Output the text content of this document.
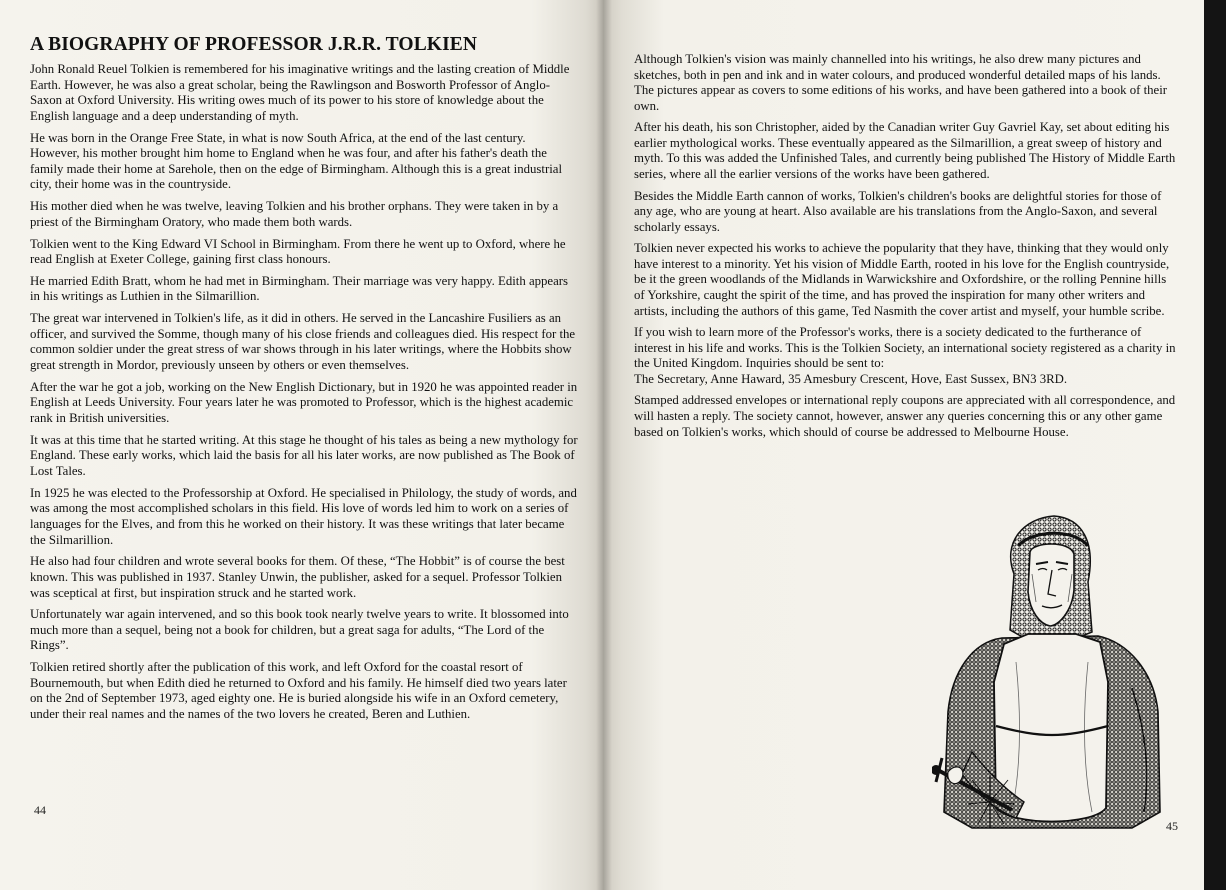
A BIOGRAPHY OF PROFESSOR J.R.R. TOLKIEN

John Ronald Reuel Tolkien is remembered for his imaginative writings and the lasting creation of Middle Earth. However, he was also a great scholar, being the Rawlingson and Bosworth Professor of Anglo-Saxon at Oxford University. His writing owes much of its power to his store of knowledge about the English language and a deep understanding of myth.

He was born in the Orange Free State, in what is now South Africa, at the end of the last century. However, his mother brought him home to England when he was four, and after his father's death the family made their home at Sarehole, then on the edge of Birmingham. Although this is a great industrial city, their home was in the countryside.

His mother died when he was twelve, leaving Tolkien and his brother orphans. They were taken in by a priest of the Birmingham Oratory, who made them both wards.

Tolkien went to the King Edward VI School in Birmingham. From there he went up to Oxford, where he read English at Exeter College, gaining first class honours.

He married Edith Bratt, whom he had met in Birmingham. Their marriage was very happy. Edith appears in his writings as Luthien in the Silmarillion.

The great war intervened in Tolkien's life, as it did in others. He served in the Lancashire Fusiliers as an officer, and survived the Somme, though many of his close friends and colleagues died. His respect for the common soldier under the great stress of war shows through in his later writings, where the Hobbits show great strength in Mordor, previously unseen by others or even themselves.

After the war he got a job, working on the New English Dictionary, but in 1920 he was appointed reader in English at Leeds University. Four years later he was promoted to Professor, which is the highest academic rank in British universities.

It was at this time that he started writing. At this stage he thought of his tales as being a new mythology for England. These early works, which laid the basis for all his later works, are now published as The Book of Lost Tales.

In 1925 he was elected to the Professorship at Oxford. He specialised in Philology, the study of words, and was among the most accomplished scholars in this field. His love of words led him to work on a series of languages for the Elves, and from this he worked on their history. It was these writings that later became the Silmarillion.

He also had four children and wrote several books for them. Of these, “The Hobbit” is of course the best known. This was published in 1937. Stanley Unwin, the publisher, asked for a sequel. Professor Tolkien was sceptical at first, but inspiration struck and he started work.

Unfortunately war again intervened, and so this book took nearly twelve years to write. It blossomed into much more than a sequel, being not a book for children, but a great saga for adults, “The Lord of the Rings”.

Tolkien retired shortly after the publication of this work, and left Oxford for the coastal resort of Bournemouth, but when Edith died he returned to Oxford and his family. He himself died two years later on the 2nd of September 1973, aged eighty one. He is buried alongside his wife in an Oxford cemetery, under their real names and the names of the two lovers he created, Beren and Luthien.

44

Although Tolkien's vision was mainly channelled into his writings, he also drew many pictures and sketches, both in pen and ink and in water colours, and produced wonderful detailed maps of his lands. The pictures appear as covers to some editions of his works, and have been gathered into a book of their own.

After his death, his son Christopher, aided by the Canadian writer Guy Gavriel Kay, set about editing his earlier mythological works. These eventually appeared as the Silmarillion, a great sweep of history and myth. To this was added the Unfinished Tales, and currently being published The History of Middle Earth series, where all the earlier versions of the works have been gathered.

Besides the Middle Earth cannon of works, Tolkien's children's books are delightful stories for those of any age, who are young at heart. Also available are his translations from the Anglo-Saxon, and several scholarly essays.

Tolkien never expected his works to achieve the popularity that they have, thinking that they would only have interest to a minority. Yet his vision of Middle Earth, rooted in his love for the English countryside, be it the green woodlands of the Midlands in Warwickshire and Oxfordshire, or the rolling Pennine hills of Yorkshire, caught the spirit of the time, and has proved the inspiration for many other writers and artists, including the authors of this game, Ted Nasmith the cover artist and myself, your humble scribe.

If you wish to learn more of the Professor's works, there is a society dedicated to the furtherance of interest in his life and works. This is the Tolkien Society, an international society registered as a charity in the United Kingdom. Inquiries should be sent to:
The Secretary, Anne Haward, 35 Amesbury Crescent, Hove, East Sussex, BN3 3RD.

Stamped addressed envelopes or international reply coupons are appreciated with all correspondence, and will hasten a reply. The society cannot, however, answer any queries concerning this or any other game based on Tolkien's works, which should of course be addressed to Melbourne House.

45
